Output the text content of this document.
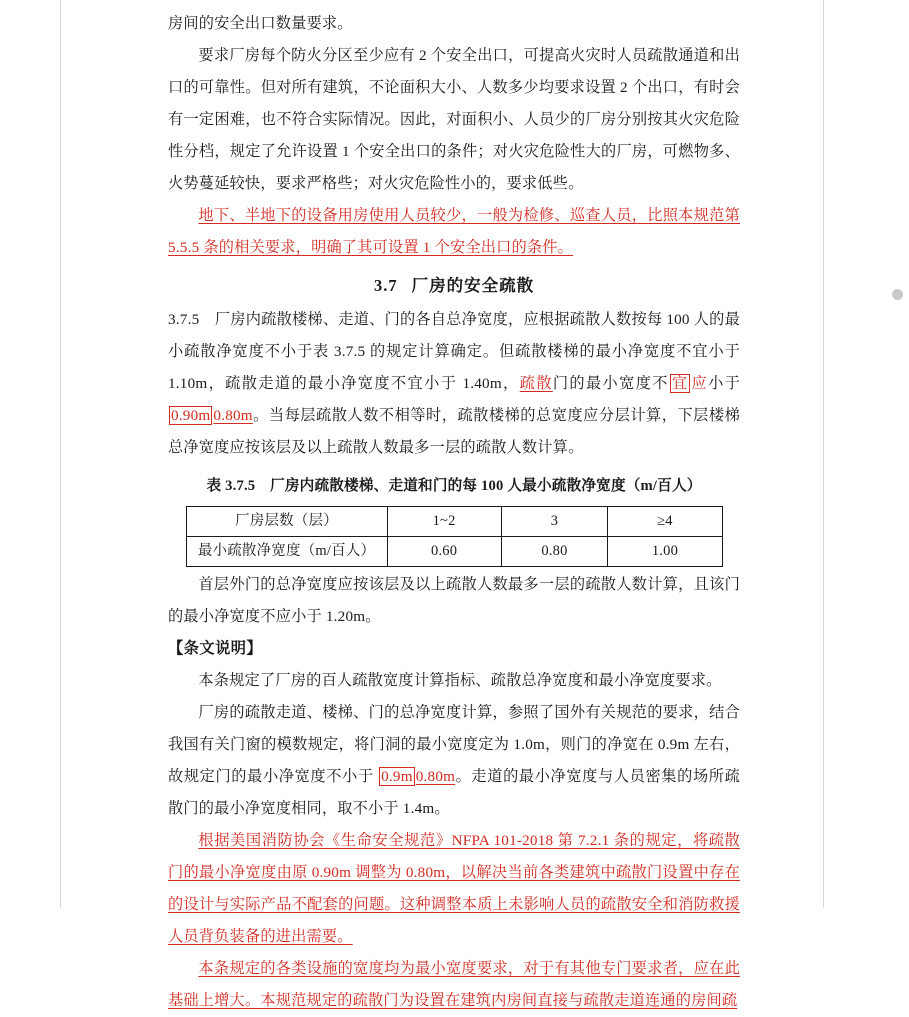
房间的安全出口数量要求。

要求厂房每个防火分区至少应有 2 个安全出口，可提高火灾时人员疏散通道和出口的可靠性。但对所有建筑，不论面积大小、人数多少均要求设置 2 个出口，有时会有一定困难，也不符合实际情况。因此，对面积小、人员少的厂房分别按其火灾危险性分档，规定了允许设置 1 个安全出口的条件；对火灾危险性大的厂房，可燃物多、火势蔓延较快，要求严格些；对火灾危险性小的，要求低些。

地下、半地下的设备用房使用人员较少，一般为检修、巡查人员，比照本规范第 5.5.5 条的相关要求，明确了其可设置 1 个安全出口的条件。

3.7 厂房的安全疏散

3.7.5　 厂房内疏散楼梯、走道、门的各自总净宽度，应根据疏散人数按每 100 人的最小疏散净宽度不小于表 3.7.5 的规定计算确定。但疏散楼梯的最小净宽度不宜小于 1.10m，疏散走道的最小净宽度不宜小于 1.40m，疏散门的最小宽度不 宜 应小于0.90m 0.80m。当每层疏散人数不相等时，疏散楼梯的总宽度应分层计算，下层楼梯总净宽度应按该层及以上疏散人数最多一层的疏散人数计算。

表 3.7.5　厂房内疏散楼梯、走道和门的每 100 人最小疏散净宽度（m/百人）

厂房层数（层）	1~2	3	≥4
最小疏散净宽度（m/百人）	0.60	0.80	1.00

首层外门的总净宽度应按该层及以上疏散人数最多一层的疏散人数计算，且该门的最小净宽度不应小于 1.20m。

【条文说明】

本条规定了厂房的百人疏散宽度计算指标、疏散总净宽度和最小净宽度要求。

厂房的疏散走道、楼梯、门的总净宽度计算，参照了国外有关规范的要求，结合我国有关门窗的模数规定，将门洞的最小宽度定为 1.0m，则门的净宽在 0.9m 左右，故规定门的最小净宽度不小于 0.9m 0.80m。走道的最小净宽度与人员密集的场所疏散门的最小净宽度相同，取不小于 1.4m。

根据美国消防协会《生命安全规范》NFPA 101-2018 第 7.2.1 条的规定，将疏散门的最小净宽度由原 0.90m 调整为 0.80m，以解决当前各类建筑中疏散门设置中存在的设计与实际产品不配套的问题。这种调整本质上未影响人员的疏散安全和消防救援人员背负装备的进出需要。

本条规定的各类设施的宽度均为最小宽度要求，对于有其他专门要求者，应在此基础上增大。本规范规定的疏散门为设置在建筑内房间直接与疏散走道连通的房间疏
